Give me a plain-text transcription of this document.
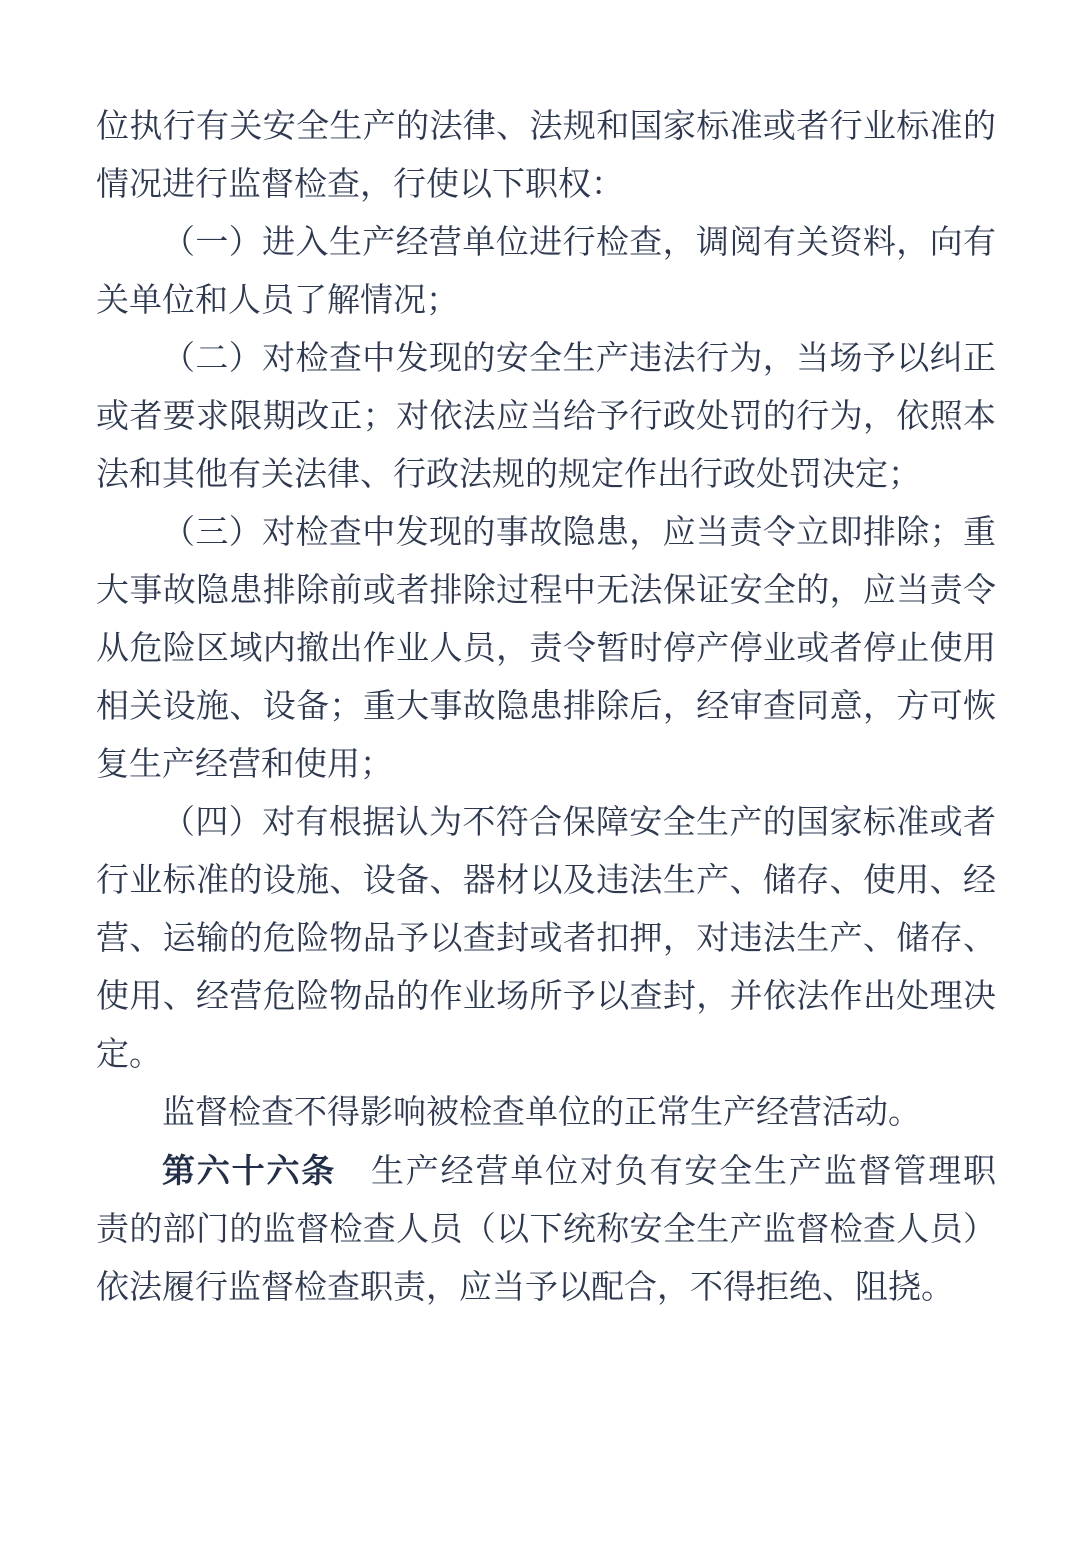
位执行有关安全生产的法律、法规和国家标准或者行业标准的
情况进行监督检查，行使以下职权：
（一）进入生产经营单位进行检查，调阅有关资料，向有
关单位和人员了解情况；
（二）对检查中发现的安全生产违法行为，当场予以纠正
或者要求限期改正；对依法应当给予行政处罚的行为，依照本
法和其他有关法律、行政法规的规定作出行政处罚决定；
（三）对检查中发现的事故隐患，应当责令立即排除；重
大事故隐患排除前或者排除过程中无法保证安全的，应当责令
从危险区域内撤出作业人员，责令暂时停产停业或者停止使用
相关设施、设备；重大事故隐患排除后，经审查同意，方可恢
复生产经营和使用；
（四）对有根据认为不符合保障安全生产的国家标准或者
行业标准的设施、设备、器材以及违法生产、储存、使用、经
营、运输的危险物品予以查封或者扣押，对违法生产、储存、
使用、经营危险物品的作业场所予以查封，并依法作出处理决
定。
监督检查不得影响被检查单位的正常生产经营活动。
第六十六条　生产经营单位对负有安全生产监督管理职
责的部门的监督检查人员（以下统称安全生产监督检查人员）
依法履行监督检查职责，应当予以配合，不得拒绝、阻挠。
